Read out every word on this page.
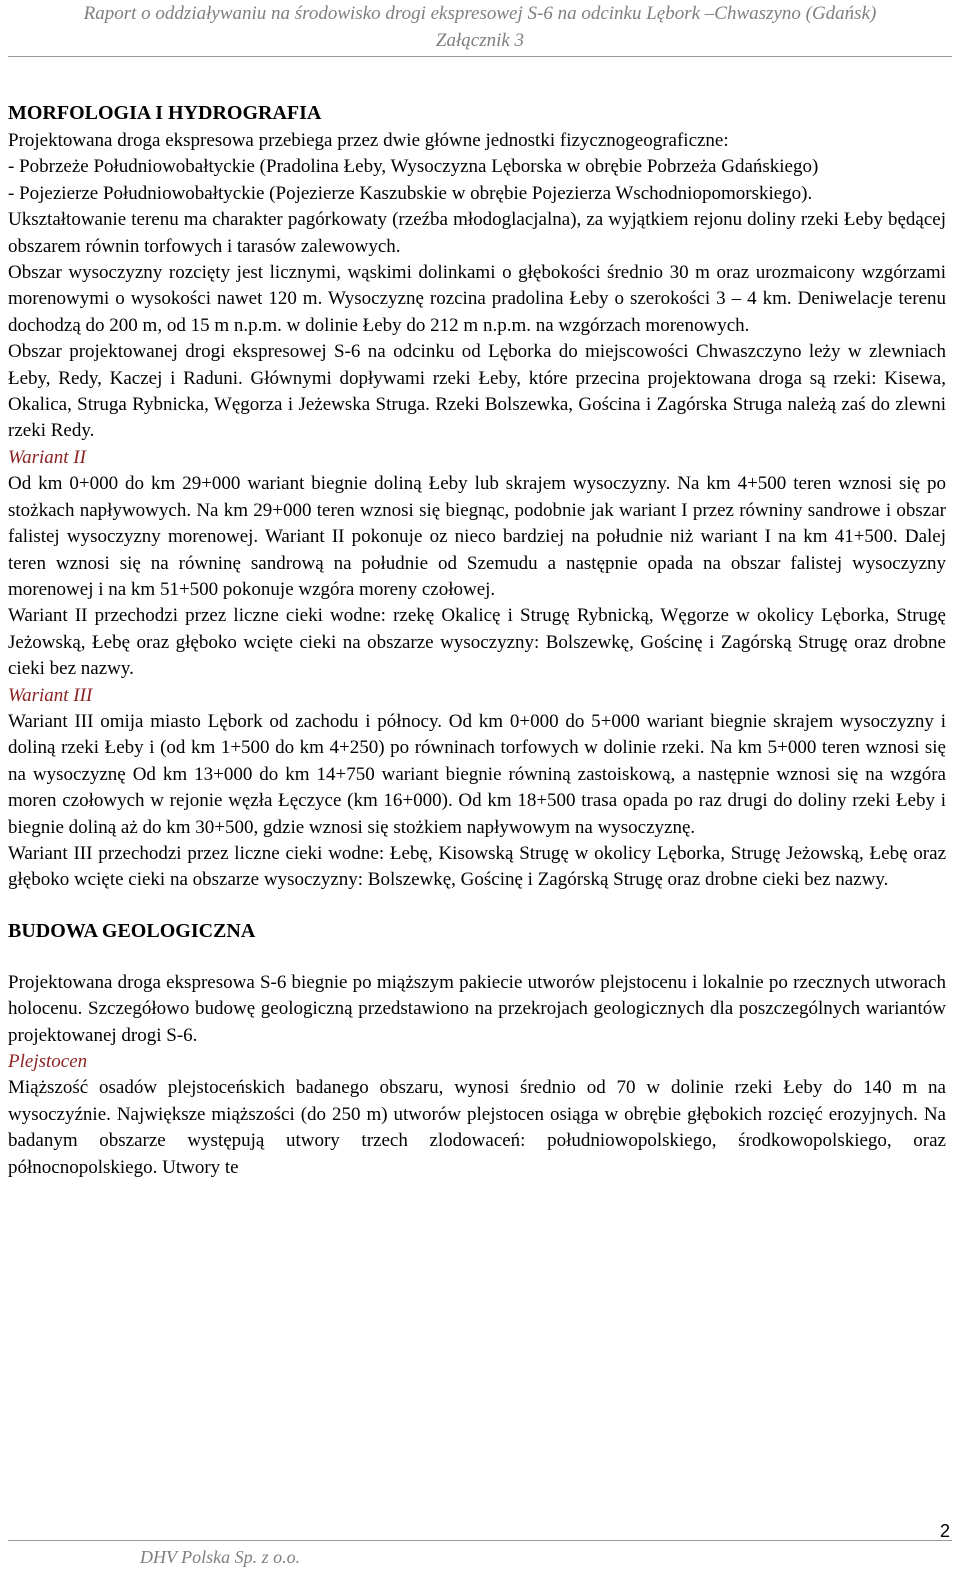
Raport o oddziaływaniu na środowisko drogi ekspresowej S-6 na odcinku Lębork –Chwaszyno (Gdańsk)
Załącznik 3

MORFOLOGIA I HYDROGRAFIA

Projektowana droga ekspresowa przebiega przez dwie główne jednostki fizycznogeograficzne:

- Pobrzeże Południowobałtyckie (Pradolina Łeby, Wysoczyzna Lęborska w obrębie Pobrzeża Gdańskiego)

- Pojezierze Południowobałtyckie (Pojezierze Kaszubskie w obrębie Pojezierza Wschodniopomorskiego).

Ukształtowanie terenu ma charakter pagórkowaty (rzeźba młodoglacjalna), za wyjątkiem rejonu doliny rzeki Łeby będącej obszarem równin torfowych i tarasów zalewowych.

Obszar wysoczyzny rozcięty jest licznymi, wąskimi dolinkami o głębokości średnio 30 m oraz urozmaicony wzgórzami morenowymi o wysokości nawet 120 m. Wysoczyznę rozcina pradolina Łeby o szerokości 3 – 4 km. Deniwelacje terenu dochodzą do 200 m, od 15 m n.p.m. w dolinie Łeby do 212 m n.p.m. na wzgórzach morenowych.

Obszar projektowanej drogi ekspresowej S-6 na odcinku od Lęborka do miejscowości Chwaszczyno leży w zlewniach Łeby, Redy, Kaczej i Raduni. Głównymi dopływami rzeki Łeby, które przecina projektowana droga są rzeki: Kisewa, Okalica, Struga Rybnicka, Węgorza i Jeżewska Struga. Rzeki Bolszewka, Gościna i Zagórska Struga należą zaś do zlewni rzeki Redy.

Wariant II

Od km 0+000 do km 29+000 wariant biegnie doliną Łeby lub skrajem wysoczyzny. Na km 4+500 teren wznosi się po stożkach napływowych. Na km 29+000 teren wznosi się biegnąc, podobnie jak wariant I przez równiny sandrowe i obszar falistej wysoczyzny morenowej. Wariant II pokonuje oz nieco bardziej na południe niż wariant I na km 41+500. Dalej teren wznosi się na równinę sandrową na południe od Szemudu a następnie opada na obszar falistej wysoczyzny morenowej i na km 51+500 pokonuje wzgóra moreny czołowej.

Wariant II przechodzi przez liczne cieki wodne: rzekę Okalicę i Strugę Rybnicką, Węgorze w okolicy Lęborka, Strugę Jeżowską, Łebę oraz głęboko wcięte cieki na obszarze wysoczyzny: Bolszewkę, Gościnę i Zagórską Strugę oraz drobne cieki bez nazwy.

Wariant III

Wariant III omija miasto Lębork od zachodu i północy. Od km 0+000 do 5+000 wariant biegnie skrajem wysoczyzny i doliną rzeki Łeby i (od km 1+500 do km 4+250) po równinach torfowych w dolinie rzeki. Na km 5+000 teren wznosi się na wysoczyznę Od km 13+000 do km 14+750 wariant biegnie równiną zastoiskową, a następnie wznosi się na wzgóra moren czołowych w rejonie węzła Łęczyce (km 16+000). Od km 18+500 trasa opada po raz drugi do doliny rzeki Łeby i biegnie doliną aż do km 30+500, gdzie wznosi się stożkiem napływowym na wysoczyznę.

Wariant III przechodzi przez liczne cieki wodne: Łebę, Kisowską Strugę w okolicy Lęborka, Strugę Jeżowską, Łebę oraz głęboko wcięte cieki na obszarze wysoczyzny: Bolszewkę, Gościnę i Zagórską Strugę oraz drobne cieki bez nazwy.

BUDOWA GEOLOGICZNA

Projektowana droga ekspresowa S-6 biegnie po miąższym pakiecie utworów plejstocenu i lokalnie po rzecznych utworach holocenu. Szczegółowo budowę geologiczną przedstawiono na przekrojach geologicznych dla poszczególnych wariantów projektowanej drogi S-6.

Plejstocen

Miąższość osadów plejstoceńskich badanego obszaru, wynosi średnio od 70 w dolinie rzeki Łeby do 140 m na wysoczyźnie. Największe miąższości (do 250 m) utworów plejstocen osiąga w obrębie głębokich rozcięć erozyjnych. Na badanym obszarze występują utwory trzech zlodowaceń: południowopolskiego, środkowopolskiego, oraz północnopolskiego. Utwory te

2
DHV Polska Sp. z o.o.
